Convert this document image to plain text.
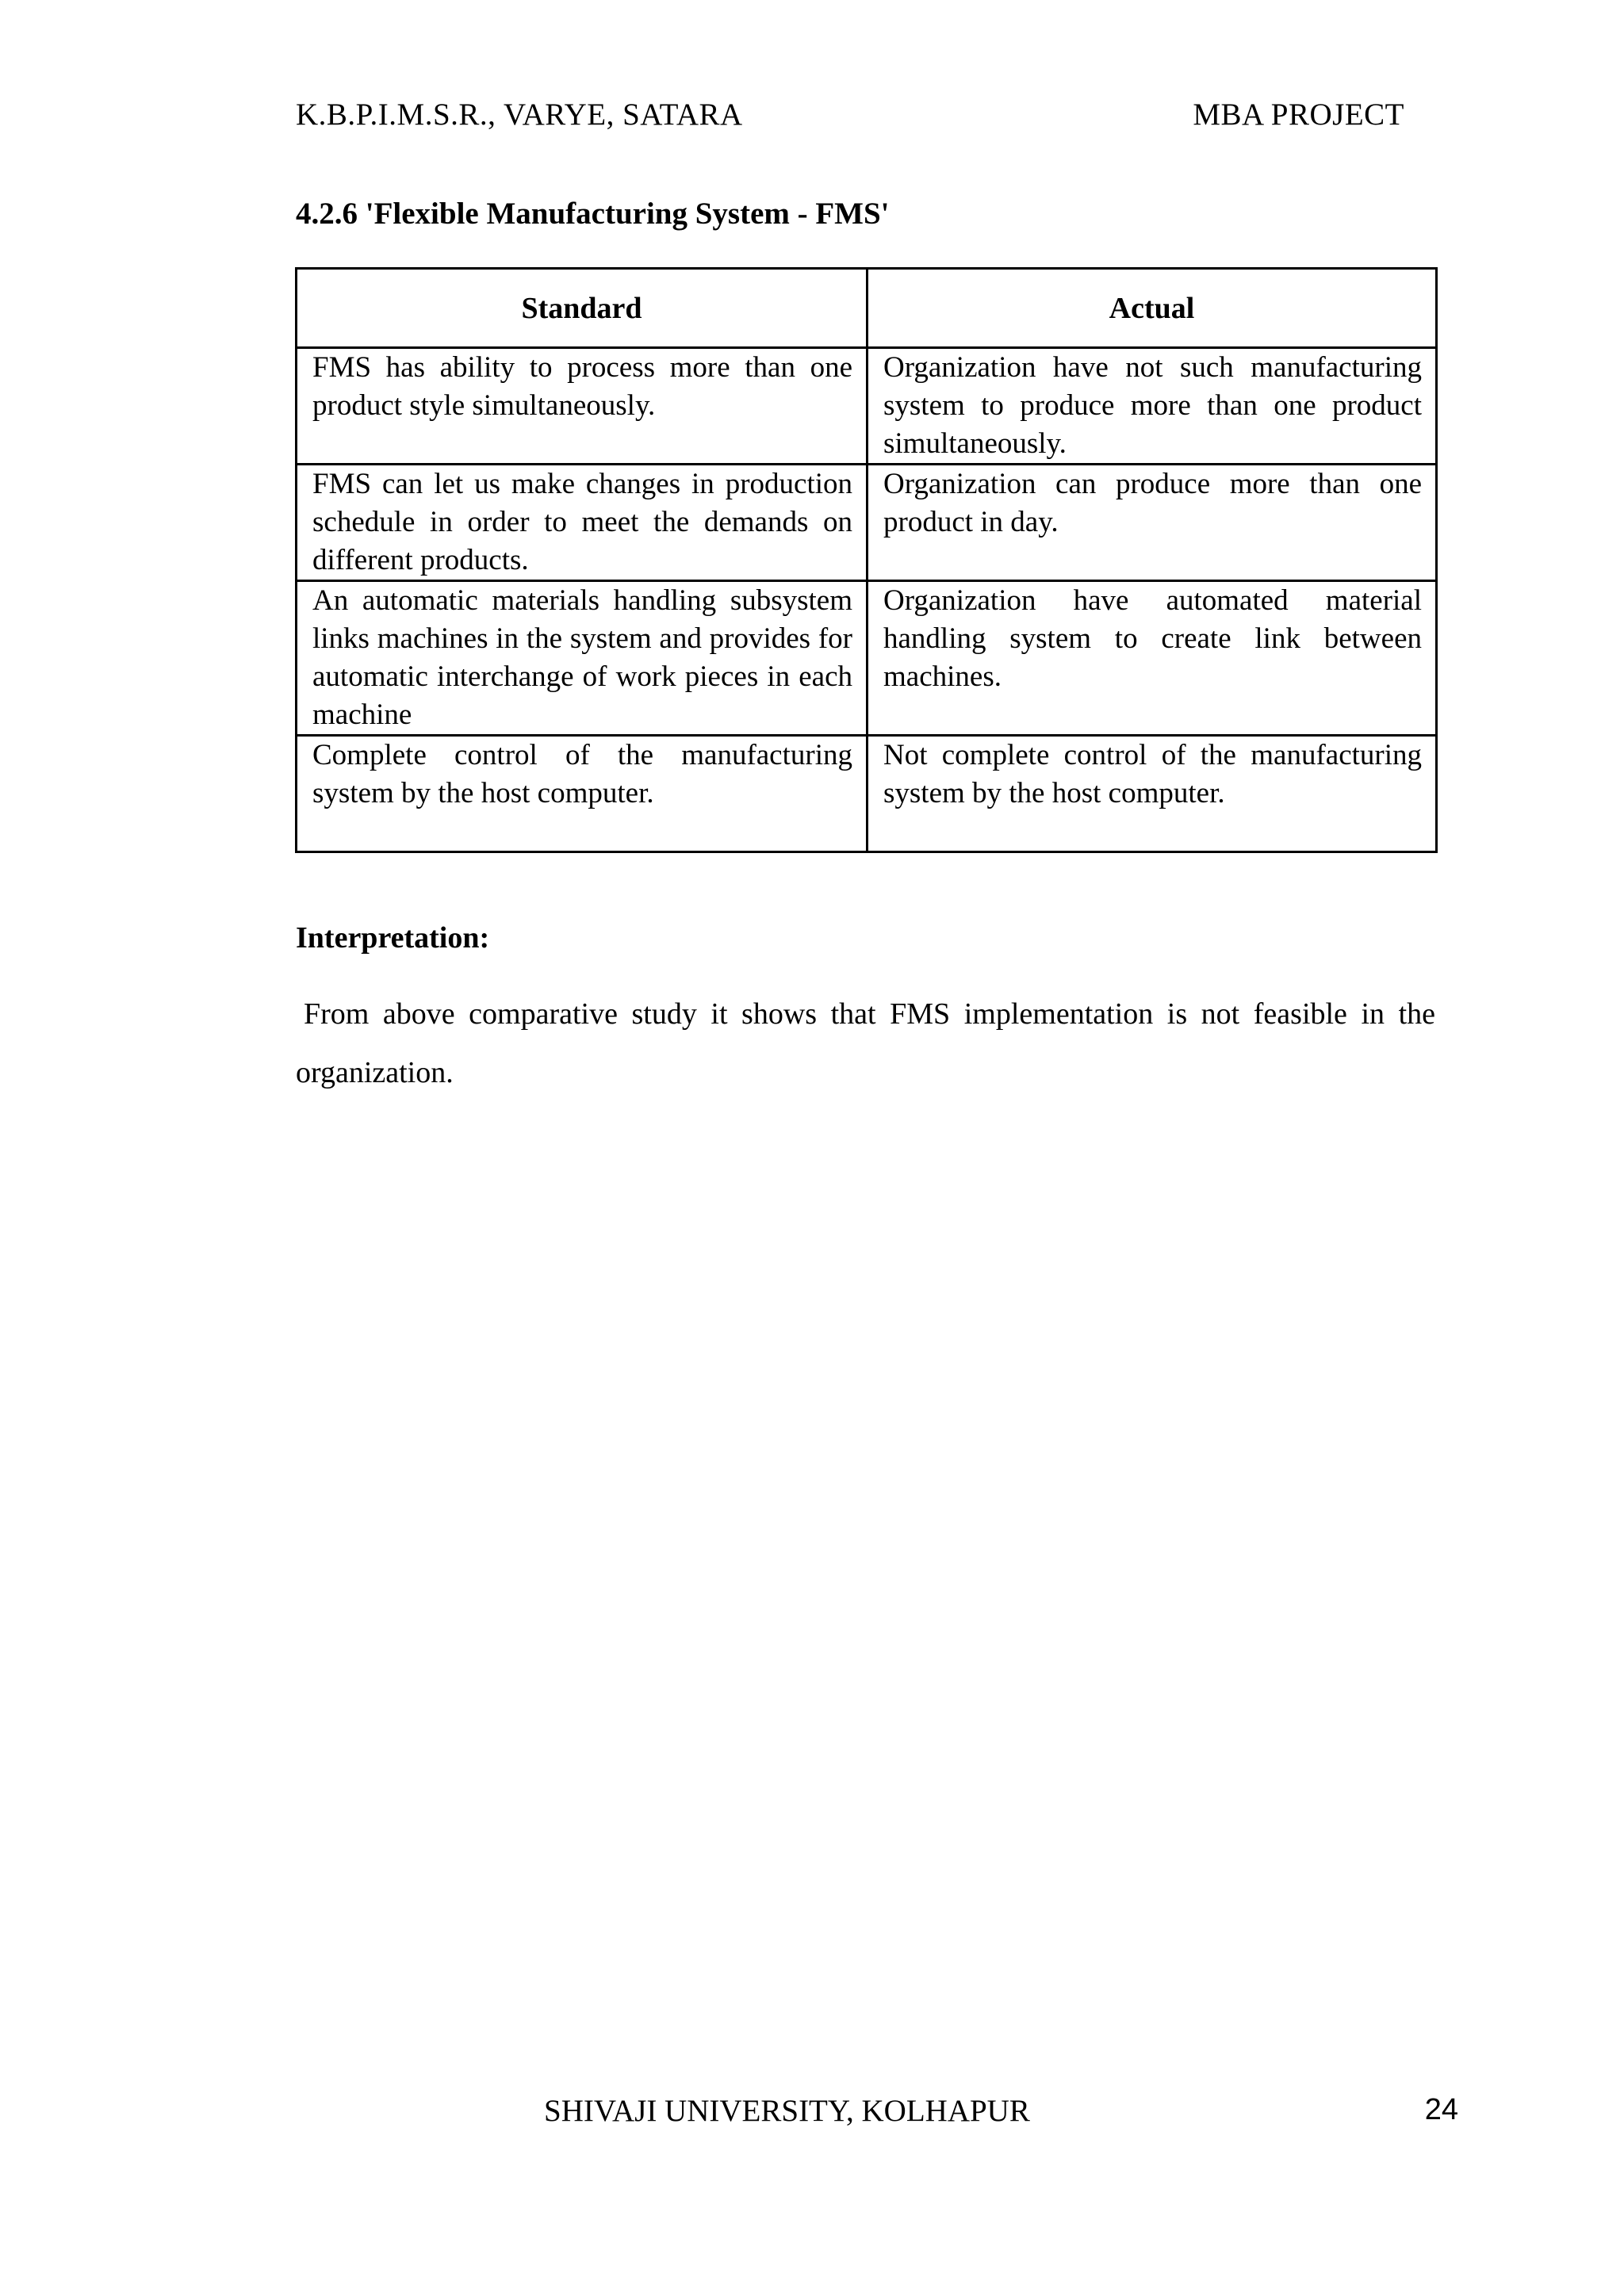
K.B.P.I.M.S.R., VARYE, SATARA	MBA PROJECT
4.2.6 'Flexible Manufacturing System - FMS'
Standard	Actual
FMS has ability to process more than one product style simultaneously.	Organization have not such manufacturing system to produce more than one product simultaneously.
FMS can let us make changes in production schedule in order to meet the demands on different products.	Organization can produce more than one product in day.
An automatic materials handling subsystem links machines in the system and provides for automatic interchange of work pieces in each machine	Organization have automated material handling system to create link between machines.
Complete control of the manufacturing system by the host computer.	Not complete control of the manufacturing system by the host computer.
Interpretation:
From above comparative study it shows that FMS implementation is not feasible in the organization.
SHIVAJI UNIVERSITY, KOLHAPUR	24
